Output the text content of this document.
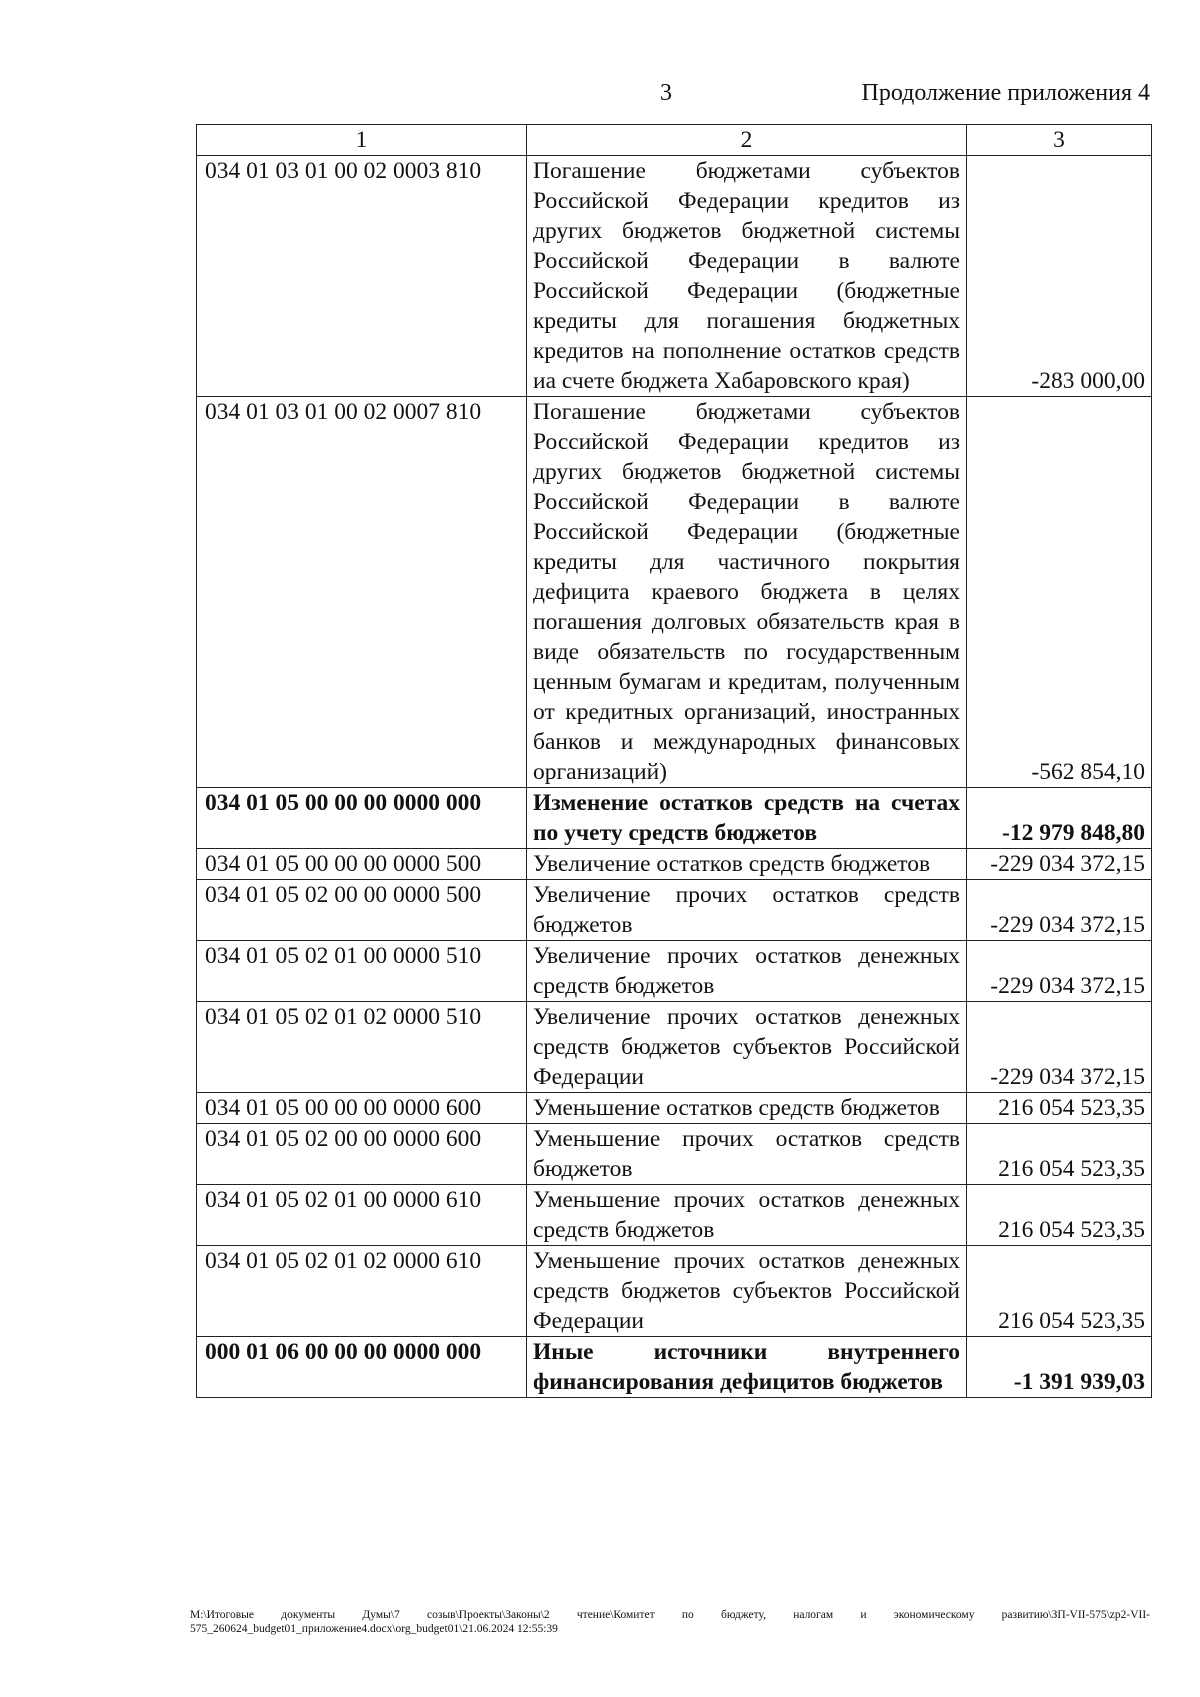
3	Продолжение приложения 4
1	2	3
034 01 03 01 00 02 0003 810	Погашение бюджетами субъектов Российской Федерации кредитов из других бюджетов бюджетной системы Российской Федерации в валюте Российской Федерации (бюджетные кредиты для погашения бюджетных кредитов на пополнение остатков средств иа счете бюджета Хабаровского края)	-283 000,00
034 01 03 01 00 02 0007 810	Погашение бюджетами субъектов Российской Федерации кредитов из других бюджетов бюджетной системы Российской Федерации в валюте Российской Федерации (бюджетные кредиты для частичного покрытия дефицита краевого бюджета в целях погашения долговых обязательств края в виде обязательств по государственным ценным бумагам и кредитам, полученным от кредитных организаций, иностранных банков и международных финансовых организаций)	-562 854,10
034 01 05 00 00 00 0000 000	Изменение остатков средств на счетах по учету средств бюджетов	-12 979 848,80
034 01 05 00 00 00 0000 500	Увеличение остатков средств бюджетов	-229 034 372,15
034 01 05 02 00 00 0000 500	Увеличение прочих остатков средств бюджетов	-229 034 372,15
034 01 05 02 01 00 0000 510	Увеличение прочих остатков денежных средств бюджетов	-229 034 372,15
034 01 05 02 01 02 0000 510	Увеличение прочих остатков денежных средств бюджетов субъектов Российской Федерации	-229 034 372,15
034 01 05 00 00 00 0000 600	Уменьшение остатков средств бюджетов	216 054 523,35
034 01 05 02 00 00 0000 600	Уменьшение прочих остатков средств бюджетов	216 054 523,35
034 01 05 02 01 00 0000 610	Уменьшение прочих остатков денежных средств бюджетов	216 054 523,35
034 01 05 02 01 02 0000 610	Уменьшение прочих остатков денежных средств бюджетов субъектов Российской Федерации	216 054 523,35
000 01 06 00 00 00 0000 000	Иные источники внутреннего финансирования дефицитов бюджетов	-1 391 939,03
M:\Итоговые документы Думы\7 созыв\Проекты\Законы\2 чтение\Комитет по бюджету, налогам и экономическому развитию\ЗП-VII-575\zp2-VII-575_260624_budget01_приложение4.docx\org_budget01\21.06.2024 12:55:39
